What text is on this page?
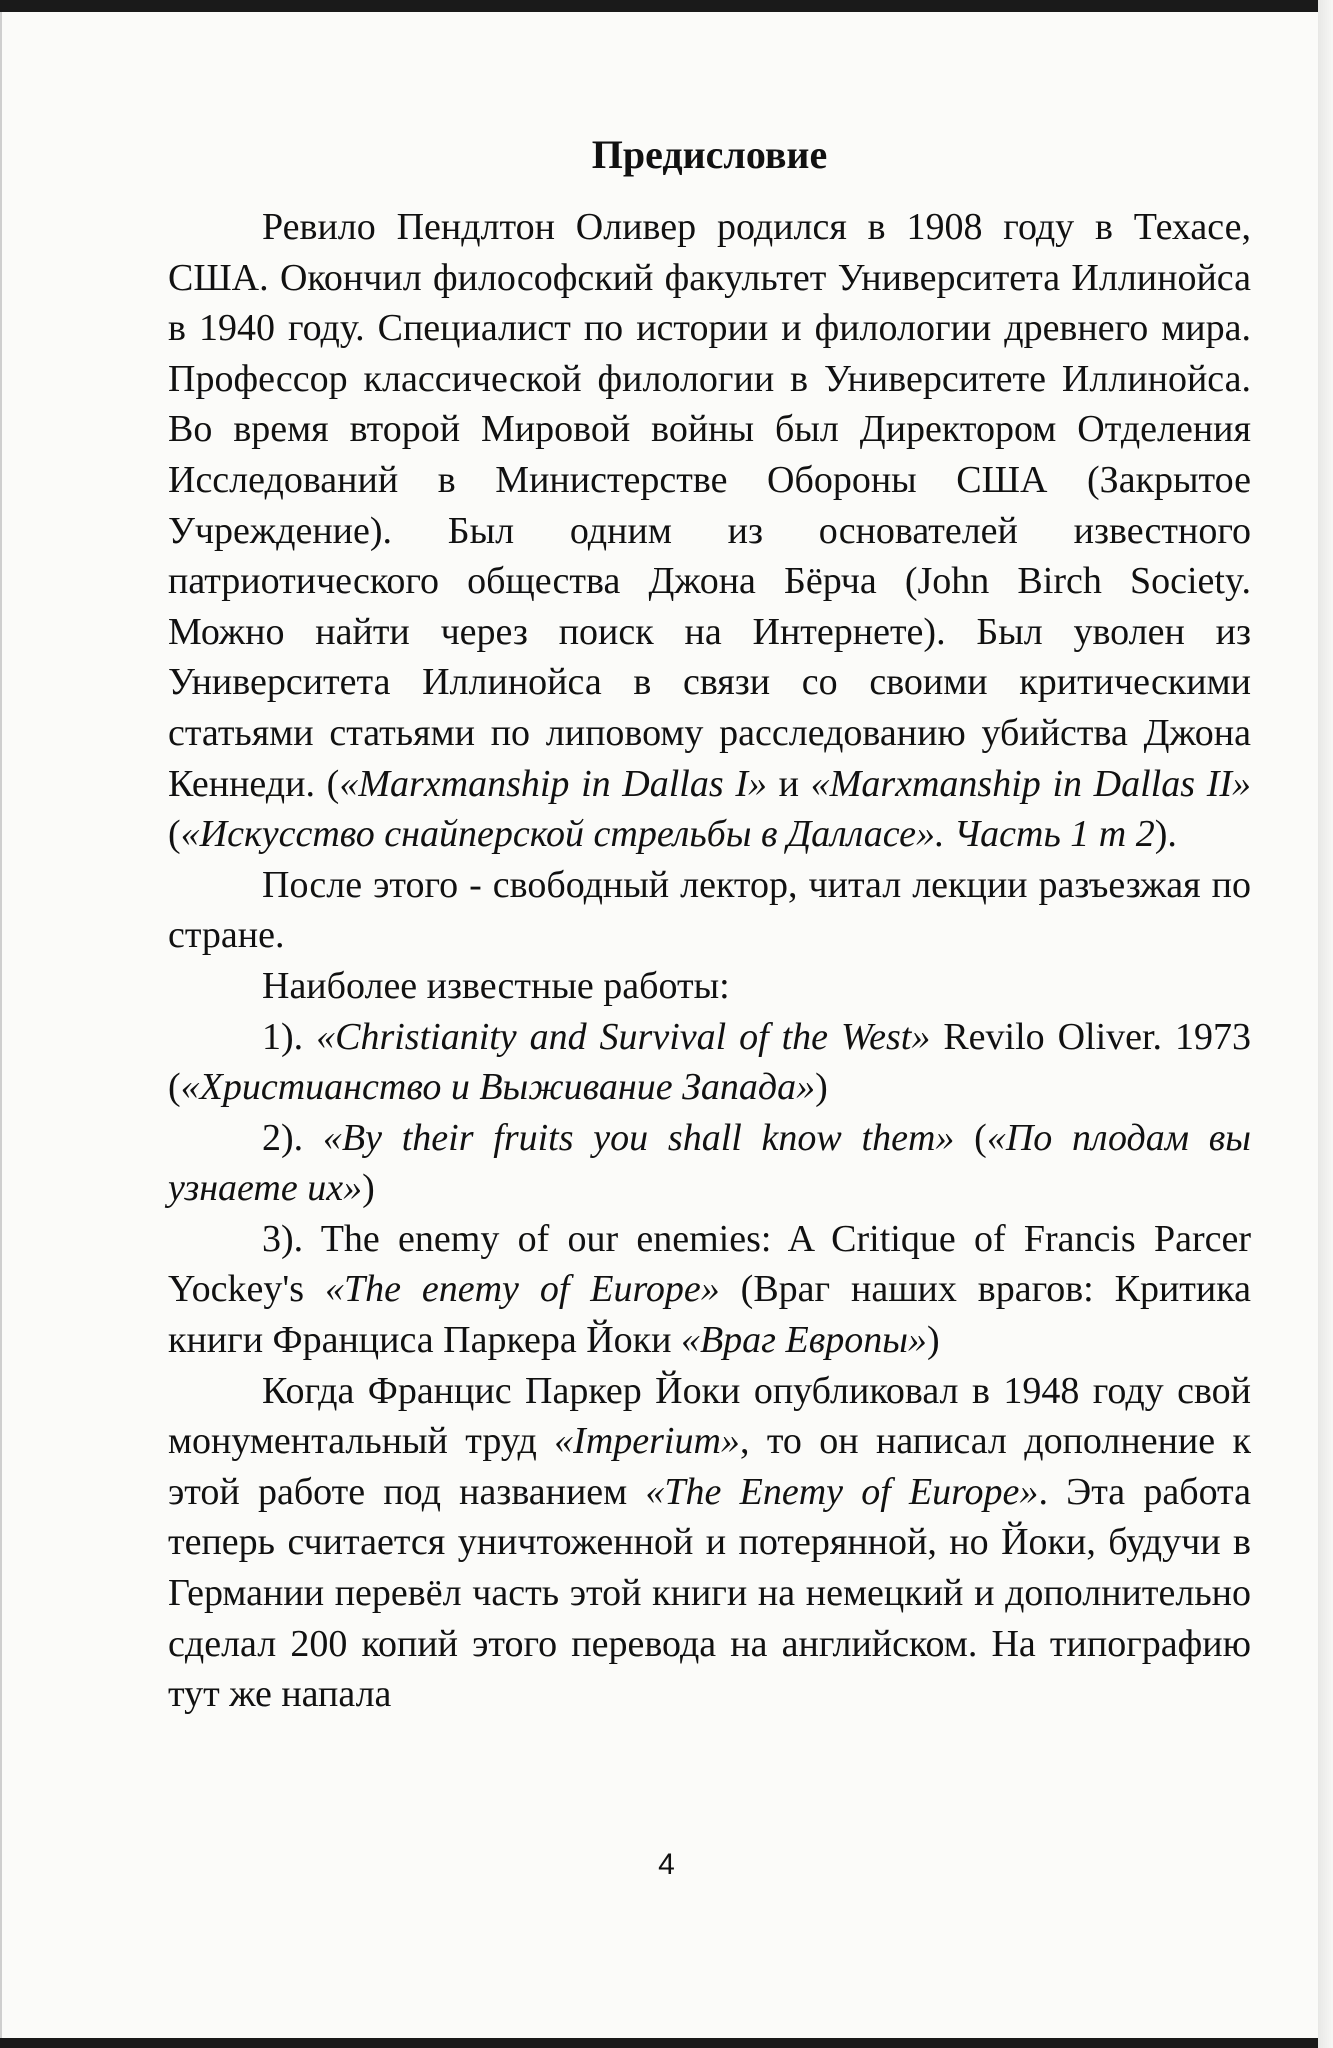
Предисловие

Ревило Пендлтон Оливер родился в 1908 году в Техасе, США. Окончил философский факультет Университета Иллинойса в 1940 году. Специалист по истории и филологии древнего мира. Профессор классической филологии в Университете Иллинойса. Во время второй Мировой войны был Директором Отделения Исследований в Министерстве Обороны США (Закрытое Учреждение). Был одним из основателей известного патриотического общества Джона Бёрча (John Birch Society. Можно найти через поиск на Интернете). Был уволен из Университета Иллинойса в связи со своими критическими статьями статьями по липовому расследованию убийства Джона Кеннеди. («Marxmanship in Dallas I» и «Marxmanship in Dallas II» («Искусство снайперской стрельбы в Далласе». Часть 1 т 2).

После этого - свободный лектор, читал лекции разъезжая по стране.

Наиболее известные работы:

1). «Christianity and Survival of the West» Revilo Oliver. 1973 («Христианство и Выживание Запада»)

2). «By their fruits you shall know them» («По плодам вы узнаете их»)

3). The enemy of our enemies: A Critique of Francis Parcer Yockey's «The enemy of Europe» (Враг наших врагов: Критика книги Франциса Паркера Йоки «Враг Европы»)

Когда Францис Паркер Йоки опубликовал в 1948 году свой монументальный труд «Imperium», то он написал дополнение к этой работе под названием «The Enemy of Europe». Эта работа теперь считается уничтоженной и потерянной, но Йоки, будучи в Германии перевёл часть этой книги на немецкий и дополнительно сделал 200 копий этого перевода на английском. На типографию тут же напала

4
